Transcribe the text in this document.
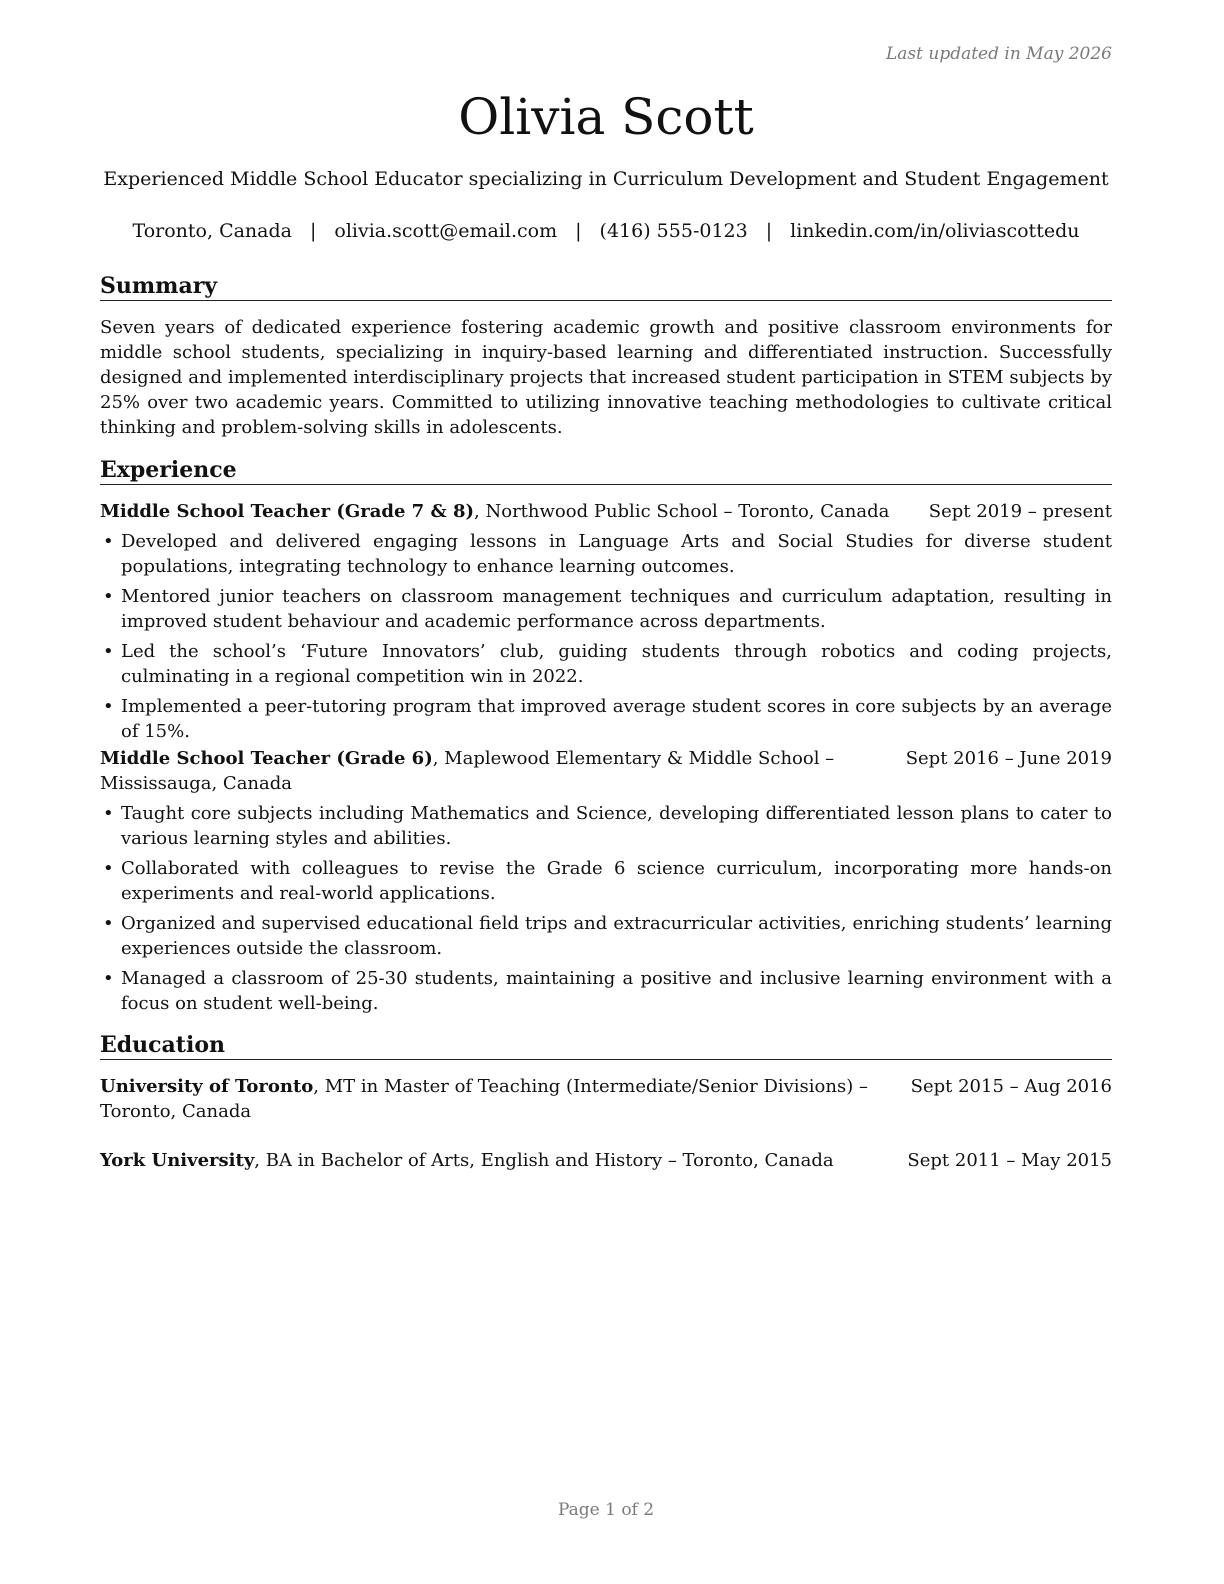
Last updated in May 2026
Olivia Scott
Experienced Middle School Educator specializing in Curriculum Development and Student Engagement
Toronto, Canada | olivia.scott@email.com | (416) 555-0123 | linkedin.com/in/oliviascottedu
Summary
Seven years of dedicated experience fostering academic growth and positive classroom environments for middle school students, specializing in inquiry-based learning and differentiated instruction. Successfully designed and implemented interdisciplinary projects that increased student participation in STEM subjects by 25% over two academic years. Committed to utilizing innovative teaching methodologies to cultivate critical thinking and problem-solving skills in adolescents.
Experience
Middle School Teacher (Grade 7 & 8), Northwood Public School – Toronto, Canada Sept 2019 – present
• Developed and delivered engaging lessons in Language Arts and Social Studies for diverse student populations, integrating technology to enhance learning outcomes.
• Mentored junior teachers on classroom management techniques and curriculum adaptation, resulting in improved student behaviour and academic performance across departments.
• Led the school’s ‘Future Innovators’ club, guiding students through robotics and coding projects, culminating in a regional competition win in 2022.
• Implemented a peer-tutoring program that improved average student scores in core subjects by an average of 15%.
Middle School Teacher (Grade 6), Maplewood Elementary & Middle School – Mississauga, Canada
Sept 2016 – June 2019
• Taught core subjects including Mathematics and Science, developing differentiated lesson plans to cater to various learning styles and abilities.
• Collaborated with colleagues to revise the Grade 6 science curriculum, incorporating more hands-on experiments and real-world applications.
• Organized and supervised educational field trips and extracurricular activities, enriching students’ learning experiences outside the classroom.
• Managed a classroom of 25-30 students, maintaining a positive and inclusive learning environment with a focus on student well-being.
Education
University of Toronto, MT in Master of Teaching (Intermediate/Senior Divisions) – Toronto, Canada
Sept 2015 – Aug 2016
York University, BA in Bachelor of Arts, English and History – Toronto, Canada	Sept 2011 – May 2015
Page 1 of 2
